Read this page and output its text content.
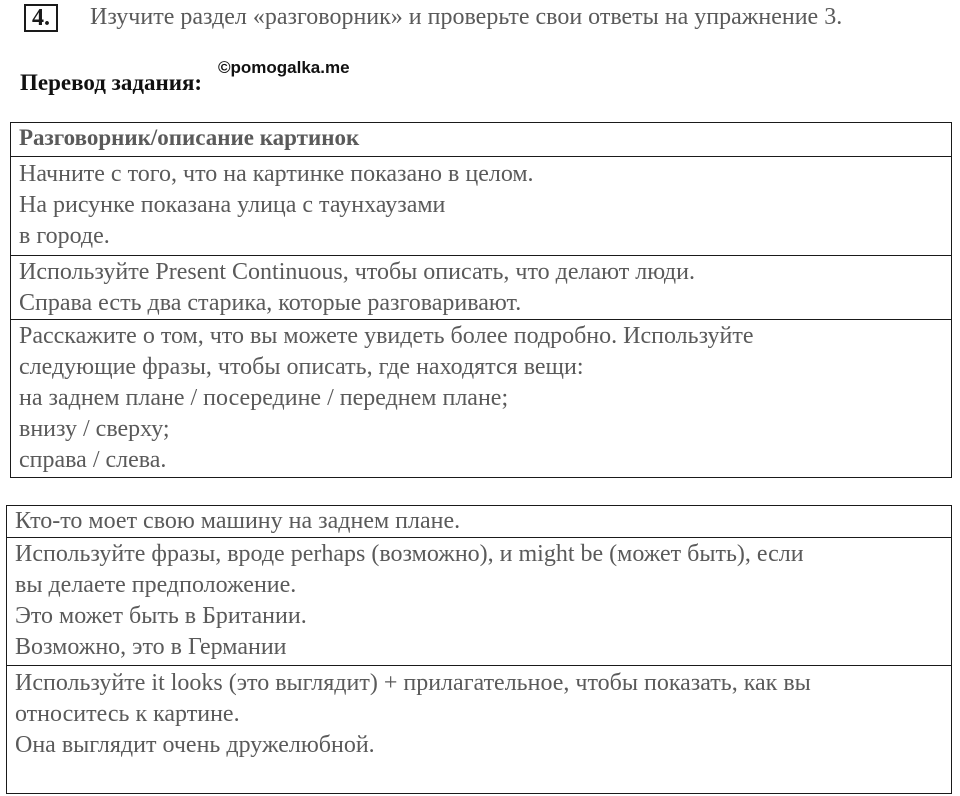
4.	Изучите раздел «разговорник» и проверьте свои ответы на упражнение 3.
Перевод задания:
©pomogalka.me
Разговорник/описание картинок
Начните с того, что на картинке показано в целом.
На рисунке показана улица с таунхаузами
в городе.
Используйте Present Continuous, чтобы описать, что делают люди.
Справа есть два старика, которые разговаривают.
Расскажите о том, что вы можете увидеть более подробно. Используйте
следующие фразы, чтобы описать, где находятся вещи:
на заднем плане / посередине / переднем плане;
внизу / сверху;
справа / слева.
Кто-то моет свою машину на заднем плане.
Используйте фразы, вроде perhaps (возможно), и might be (может быть), если
вы делаете предположение.
Это может быть в Британии.
Возможно, это в Германии
Используйте it looks (это выглядит) + прилагательное, чтобы показать, как вы
относитесь к картине.
Она выглядит очень дружелюбной.
